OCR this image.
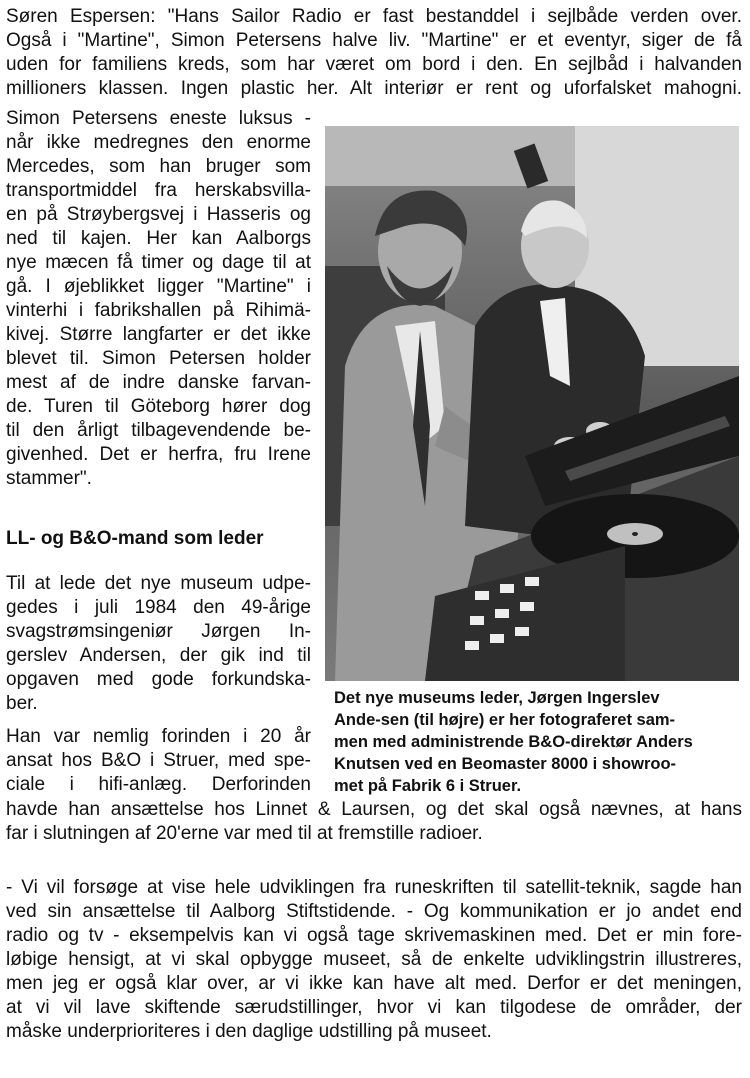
Søren Espersen: "Hans Sailor Radio er fast bestanddel i sejlbåde verden over.
Også i "Martine", Simon Petersens halve liv. "Martine" er et eventyr, siger de få
uden for familiens kreds, som har været om bord i den. En sejlbåd i halvanden
millioners klassen. Ingen plastic her. Alt interiør er rent og uforfalsket mahogni.
Simon Petersens eneste luksus -
når ikke medregnes den enorme
Mercedes, som han bruger som
transportmiddel fra herskabsvilla-
en på Strøybergsvej i Hasseris og
ned til kajen. Her kan Aalborgs
nye mæcen få timer og dage til at
gå. I øjeblikket ligger "Martine" i
vinterhi i fabrikshallen på Rihimä-
kivej. Større langfarter er det ikke
blevet til. Simon Petersen holder
mest af de indre danske farvan-
de. Turen til Göteborg hører dog
til den årligt tilbagevendende be-
givenhed. Det er herfra, fru Irene
stammer".
LL- og B&O-mand som leder
Til at lede det nye museum udpe-
gedes i juli 1984 den 49-årige
svagstrømsingeniør Jørgen In-
gerslev Andersen, der gik ind til
opgaven med gode forkundska-
ber.
Han var nemlig forinden i 20 år
ansat hos B&O i Struer, med spe-
ciale i hifi-anlæg. Derforinden
havde han ansættelse hos Linnet & Laursen, og det skal også nævnes, at hans
far i slutningen af 20'erne var med til at fremstille radioer.
- Vi vil forsøge at vise hele udviklingen fra runeskriften til satellit-teknik, sagde han
ved sin ansættelse til Aalborg Stiftstidende. - Og kommunikation er jo andet end
radio og tv - eksempelvis kan vi også tage skrivemaskinen med. Det er min fore-
løbige hensigt, at vi skal opbygge museet, så de enkelte udviklingstrin illustreres,
men jeg er også klar over, ar vi ikke kan have alt med. Derfor er det meningen,
at vi vil lave skiftende særudstillinger, hvor vi kan tilgodese de områder, der
måske underprioriteres i den daglige udstilling på museet.
Det nye museums leder, Jørgen Ingerslev
Ande-sen (til højre) er her fotograferet sam-
men med administrende B&O-direktør Anders
Knutsen ved en Beomaster 8000 i showroo-
met på Fabrik 6 i Struer.
